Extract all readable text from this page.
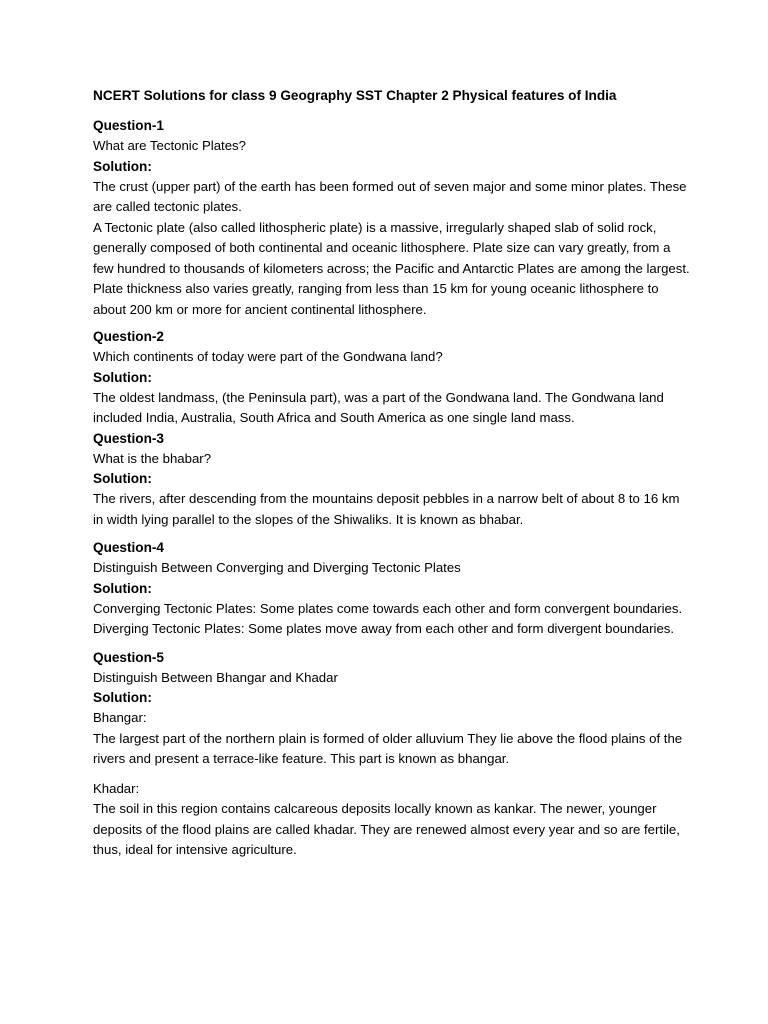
NCERT Solutions for class 9 Geography SST Chapter 2 Physical features of India
Question-1
What are Tectonic Plates?
Solution:
The crust (upper part) of the earth has been formed out of seven major and some minor plates. These are called tectonic plates.
A Tectonic plate (also called lithospheric plate) is a massive, irregularly shaped slab of solid rock, generally composed of both continental and oceanic lithosphere. Plate size can vary greatly, from a few hundred to thousands of kilometers across; the Pacific and Antarctic Plates are among the largest. Plate thickness also varies greatly, ranging from less than 15 km for young oceanic lithosphere to about 200 km or more for ancient continental lithosphere.
Question-2
Which continents of today were part of the Gondwana land?
Solution:
The oldest landmass, (the Peninsula part), was a part of the Gondwana land. The Gondwana land included India, Australia, South Africa and South America as one single land mass.
Question-3
What is the bhabar?
Solution:
The rivers, after descending from the mountains deposit pebbles in a narrow belt of about 8 to 16 km in width lying parallel to the slopes of the Shiwaliks. It is known as bhabar.
Question-4
Distinguish Between Converging and Diverging Tectonic Plates
Solution:
Converging Tectonic Plates: Some plates come towards each other and form convergent boundaries.
Diverging Tectonic Plates: Some plates move away from each other and form divergent boundaries.
Question-5
Distinguish Between Bhangar and Khadar
Solution:
Bhangar:
The largest part of the northern plain is formed of older alluvium They lie above the flood plains of the rivers and present a terrace-like feature. This part is known as bhangar.
Khadar:
The soil in this region contains calcareous deposits locally known as kankar. The newer, younger deposits of the flood plains are called khadar. They are renewed almost every year and so are fertile, thus, ideal for intensive agriculture.
